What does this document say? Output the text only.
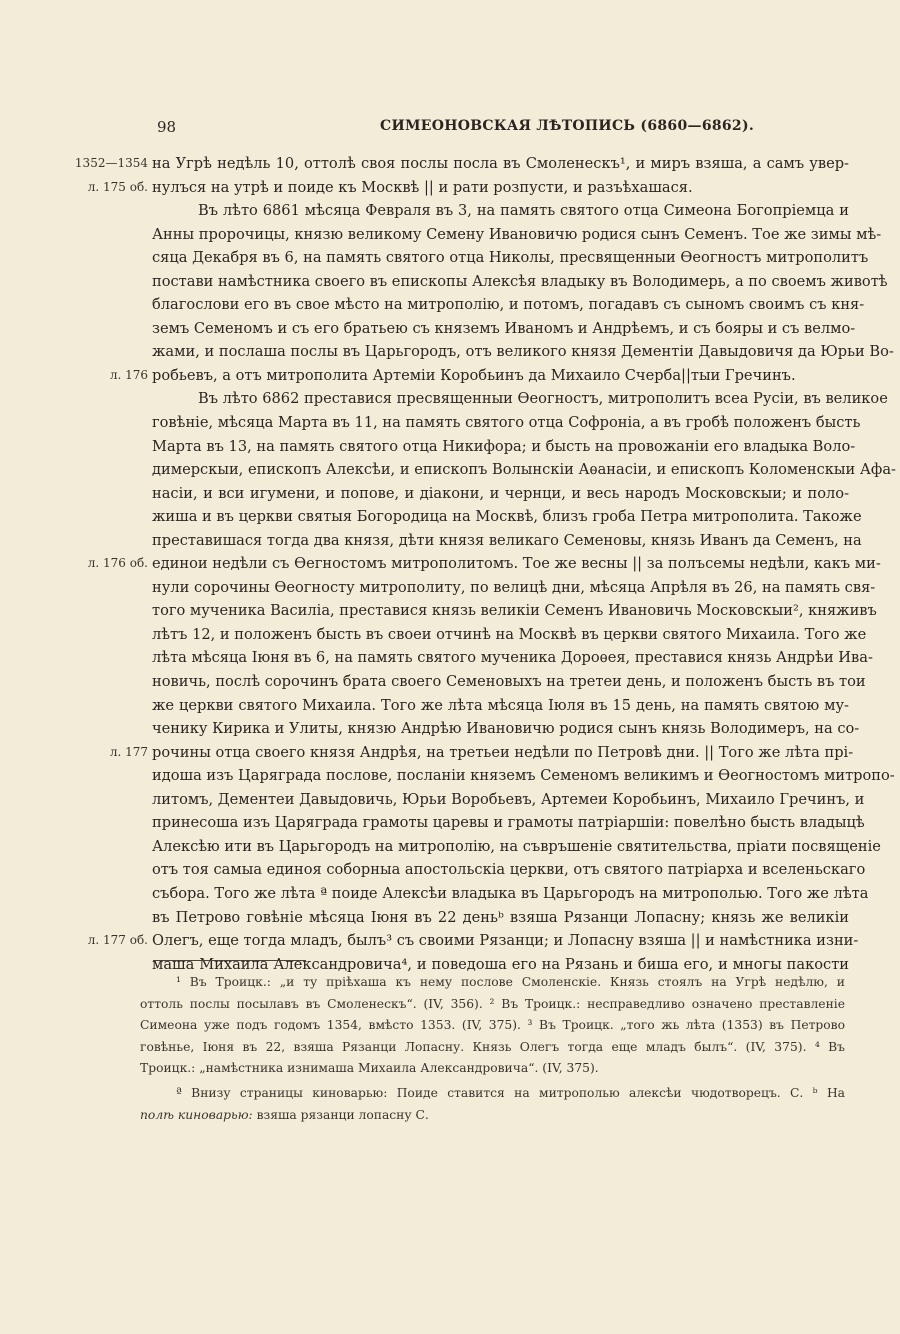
98	СИМЕОНОВСКАЯ ЛѢТОПИСЬ (6860—6862).
1352—1354 на Угрѣ недѣль 10, оттолѣ своя послы посла въ Смоленескъ¹, и миръ взяша, а самъ увер-
л. 175 об. нулъся на утрѣ и поиде къ Москвѣ || и рати розпусти, и разъѣхашася.
Въ лѣто 6861 мѣсяца Февраля въ 3, на память святого отца Симеона Богопріемца и
Анны пророчицы, князю великому Семену Ивановичю родися сынъ Семенъ. Тое же зимы мѣ-
сяца Декабря въ 6, на память святого отца Николы, пресвященныи Ѳеогностъ митрополитъ
постави намѣстника своего въ епископы Алексѣя владыку въ Володимерь, а по своемъ животѣ
благослови его въ свое мѣсто на митрополію, и потомъ, погадавъ съ сыномъ своимъ съ кня-
земъ Семеномъ и съ его братьею съ княземъ Иваномъ и Андрѣемъ, и съ бояры и съ велмо-
жами, и послаша послы въ Царьгородъ, отъ великого князя Дементіи Давыдовичя да Юрьи Во-
л. 176 робьевъ, а отъ митрополита Артеміи Коробьинъ да Михаило Счерба||тыи Гречинъ.
Въ лѣто 6862 преставися пресвященныи Ѳеогностъ, митрополитъ всеа Русіи, въ великое
говѣніе, мѣсяца Марта въ 11, на память святого отца Софроніа, а въ гробѣ положенъ бысть
Марта въ 13, на память святого отца Никифора; и бысть на провожаніи его владыка Воло-
димерскыи, епископъ Алексѣи, и епископъ Волынскіи Аѳанасіи, и епископъ Коломенскыи Афа-
насіи, и вси игумени, и попове, и діакони, и чернци, и весь народъ Московскыи; и поло-
жиша и въ церкви святыя Богородица на Москвѣ, близъ гроба Петра митрополита. Такоже
преставишася тогда два князя, дѣти князя великаго Семеновы, князь Иванъ да Семенъ, на
л. 176 об. единои недѣли съ Ѳегностомъ митрополитомъ. Тое же весны || за полъсемы недѣли, какъ ми-
нули сорочины Ѳеогносту митрополиту, по велицѣ дни, мѣсяца Апрѣля въ 26, на память свя-
того мученика Василіа, преставися князь великіи Семенъ Ивановичь Московскыи², княживъ
лѣтъ 12, и положенъ бысть въ своеи отчинѣ на Москвѣ въ церкви святого Михаила. Того же
лѣта мѣсяца Іюня въ 6, на память святого мученика Дороѳея, преставися князь Андрѣи Ива-
новичь, послѣ сорочинъ брата своего Семеновыхъ на третеи день, и положенъ бысть въ тои
же церкви святого Михаила. Того же лѣта мѣсяца Іюля въ 15 день, на память святою му-
ченику Кирика и Улиты, князю Андрѣю Ивановичю родися сынъ князь Володимеръ, на со-
л. 177 рочины отца своего князя Андрѣя, на третьеи недѣли по Петровѣ дни. || Того же лѣта прі-
идоша изъ Царяграда послове, посланіи княземъ Семеномъ великимъ и Ѳеогностомъ митропо-
литомъ, Дементеи Давыдовичь, Юрьи Воробьевъ, Артемеи Коробьинъ, Михаило Гречинъ, и
принесоша изъ Царяграда грамоты царевы и грамоты патріаршіи: повелѣно бысть владыцѣ
Алексѣю ити въ Царьгородъ на митрополію, на съвръшеніе святительства, пріати посвященіе
отъ тоя самыа единоя соборныа апостольскіа церкви, отъ святого патріарха и вселеньскаго
събора. Того же лѣта ª поиде Алексѣи владыка въ Царьгородъ на митрополью. Того же лѣта
въ Петрово говѣніе мѣсяца Іюня въ 22 деньᵇ взяша Рязанци Лопасну; князь же великіи
л. 177 об. Олегъ, еще тогда младъ, былъ³ съ своими Рязанци; и Лопасну взяша || и намѣстника изни-
маша Михаила Александровича⁴, и поведоша его на Рязань и биша его, и многы пакости
¹ Въ Троицк.: „и ту пріѣхаша къ нему послове Смоленскіе. Князь стоялъ на Угрѣ недѣлю, и
оттоль послы посылавъ въ Смоленескъ“. (IV, 356). ² Въ Троицк.: несправедливо означено преставленіе
Симеона уже подъ годомъ 1354, вмѣсто 1353. (IV, 375). ³ Въ Троицк. „того жь лѣта (1353) въ Петрово
говѣнье, Іюня въ 22, взяша Рязанци Лопасну. Князь Олегъ тогда еще младъ былъ“. (IV, 375). ⁴ Въ
Троицк.: „намѣстника изнимаша Михаила Александровича“. (IV, 375).
ª Внизу страницы киноварью: Поиде ставится на митрополью алексѣи чюдотворецъ. С. ᵇ На
полѣ киноварью: взяша рязанци лопасну С.
